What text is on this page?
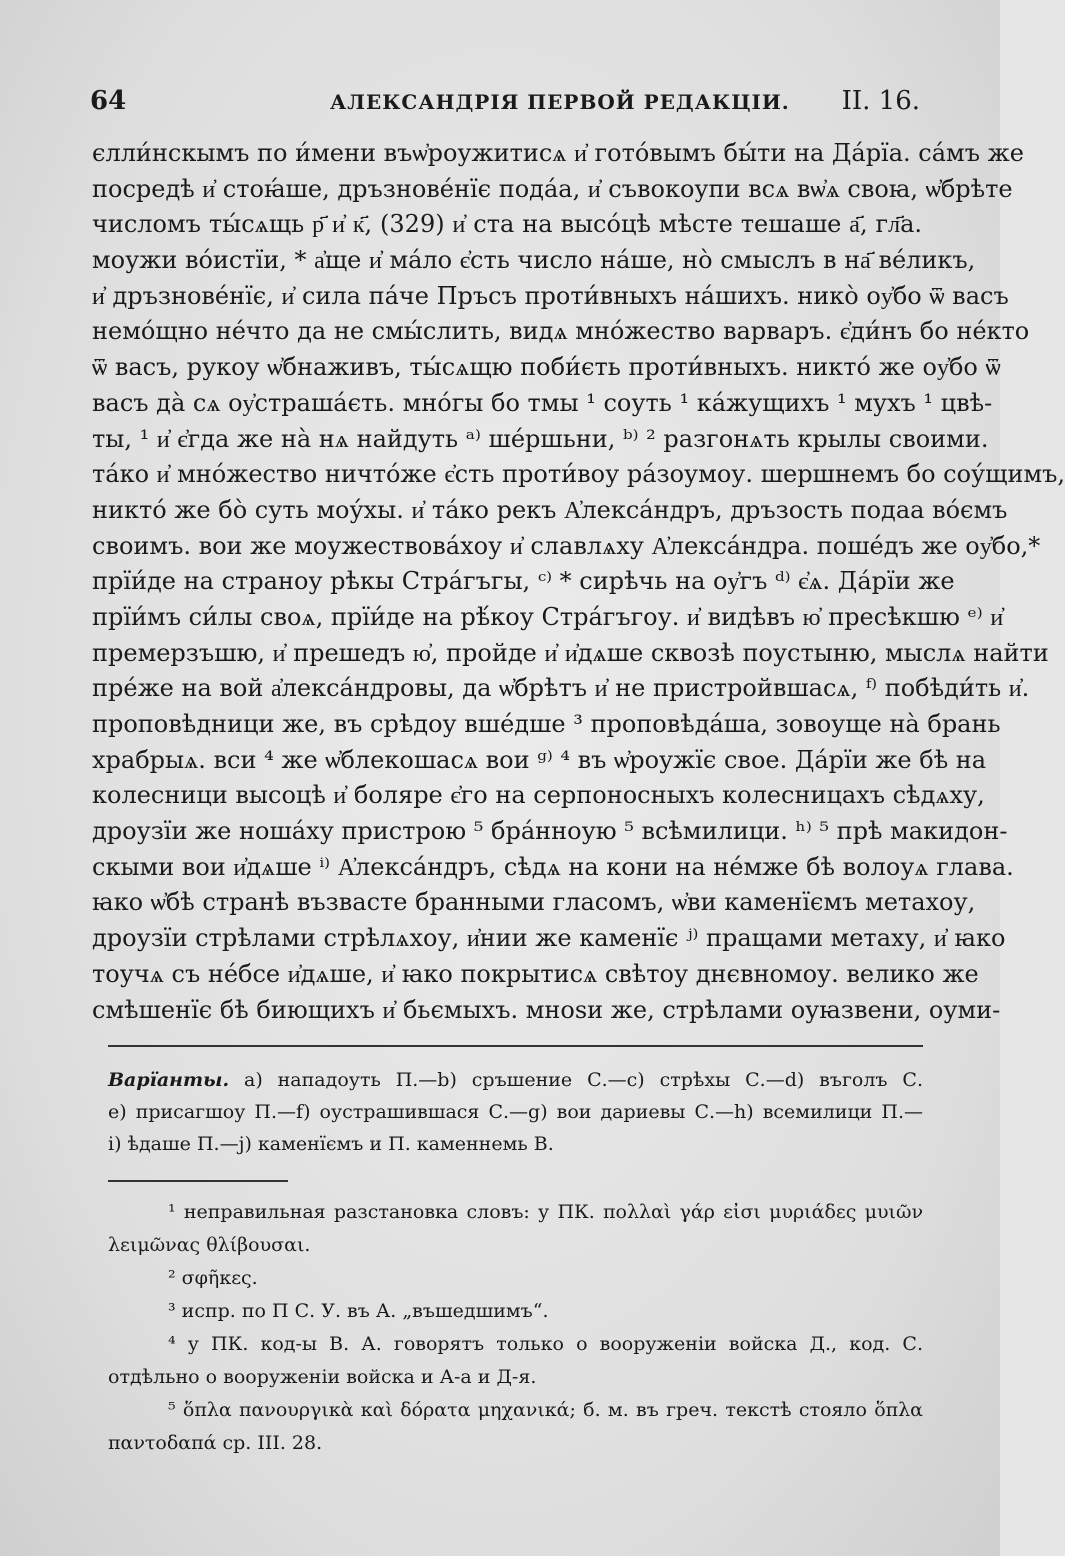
64	АЛЕКСАНДРІЯ ПЕРВОЙ РЕДАКЦІИ. II. 16.
єлли́нскымъ по и́мени въѡ҆роужитисѧ и҆ гото́вымъ бы́ти на Да́рїа. са́мъ же
посредѣ и҆ стоꙗ́ше, дръзнове́нїє пода́а, и҆ съвокоупи всѧ вѡ҆ѧ своꙗ, ѡ҆брѣте
числомъ ты́сѧщь р҃ и҆ к҃, (329) и҆ ста на высо́цѣ мѣсте тешаше а҃, гл҃а.
моужи во́истїи, * а҆ще и҆ ма́ло є҆сть число на́ше, но̀ смыслъ в на҃ ве́ликъ,
и҆ дръзнове́нїє, и҆ сила па́че Пръсъ проти́вныхъ на́шихъ. нико̀ оу҆бо ѿ васъ
немо́щно не́что да не смы́слить, видѧ мно́жество варваръ. є҆ди́нъ бо не́кто
ѿ васъ, рукоу ѡ҆бнаживъ, ты́сѧщю поби́єть проти́вныхъ. никто́ же оу҆бо ѿ
васъ да̀ сѧ оу҆страша́єть. мно́гы бо тмы ¹ соуть ¹ ка́жущихъ ¹ мухъ ¹ цвѣ-
ты, ¹ и҆ є҆гда же на̀ нѧ найдуть ᵃ⁾ ше́ршьни, ᵇ⁾ ² разгонѧть крылы своими.
та́ко и҆ мно́жество ничто́же є҆сть проти́воу ра́зоумоу. шершнемъ бо соу́щимъ,
никто́ же бо̀ суть моу́хы. и҆ та́ко рекъ А҆лекса́ндръ, дръзость подаа во́ємъ
своимъ. вои же моужествова́хоу и҆ славлѧху А҆лекса́ндра. поше́дъ же оу҆бо,*
прїи́де на страноу рѣкы Стра́гъгы, ᶜ⁾ * сирѣчь на оу҆гъ ᵈ⁾ є҆ѧ. Да́рїи же
прїи́мъ си́лы своѧ, прїи́де на рѣ́коу Стра́гъгоу. и҆ видѣвъ ю҆ пресѣкшю ᵉ⁾ и҆
премерзъшю, и҆ прешедъ ю҆, пройде и҆ и҆дѧше сквозѣ поустыню, мыслѧ найти
пре́же на вой а҆лекса́ндровы, да ѡ҆брѣтъ и҆ не пристройвшасѧ, ᶠ⁾ побѣди́ть и҆.
проповѣдници же, въ срѣдоу вше́дше ³ проповѣда́ша, зовоуще на̀ брань
храбрыѧ. вси ⁴ же ѡ҆блекошасѧ вои ᵍ⁾ ⁴ въ ѡ҆роужїє свое. Да́рїи же бѣ на
колесници высоцѣ и҆ боляре є҆го на серпоносныхъ колесницахъ сѣдѧху,
дроузїи же ноша́ху пристрою ⁵ бра́нноую ⁵ всѣмилици. ʰ⁾ ⁵ прѣ макидон-
скыми вои и҆дѧше ⁱ⁾ А҆лекса́ндръ, сѣдѧ на кони на не́мже бѣ волоуѧ глава.
ꙗко ѡ҆бѣ странѣ възвасте бранными гласомъ, ѡ҆ви каменїємъ метахоу,
дроузїи стрѣлами стрѣлѧхоу, и҆нии же каменїє ʲ⁾ пращами метаху, и҆ ꙗко
тоучѧ съ не́бсе и҆дѧше, и҆ ꙗко покрытисѧ свѣтоу днєвномоу. велико же
смѣшенїє бѣ биющихъ и҆ бьємыхъ. мноѕи же, стрѣлами оуꙗзвени, оуми-
Варїанты. a) нападоуть П.—b) сръшение С.—c) стрѣхы С.—d) въголъ С.
e) присагшоу П.—f) оустрашившася С.—g) вои дариевы С.—h) всемилици П.—
i) ѣдаше П.—j) каменїємъ и П. каменнемь В.
¹ неправильная разстановка словъ: у ПК. πολλαὶ γάρ εἰσι μυριάδες μυιῶν
λειμῶνας θλίβουσαι.
² σφῆκες.
³ испр. по П С. У. въ А. „въшедшимъ“.
⁴ у ПК. код-ы В. А. говорятъ только о вооруженіи войска Д., код. С.
отдѣльно о вооруженіи войска и А-а и Д-я.
⁵ ὅπλα πανουργικὰ καὶ δόρατα μηχανικά; б. м. въ греч. текстѣ стояло ὅπλα
παντοδαπά ср. III. 28.
